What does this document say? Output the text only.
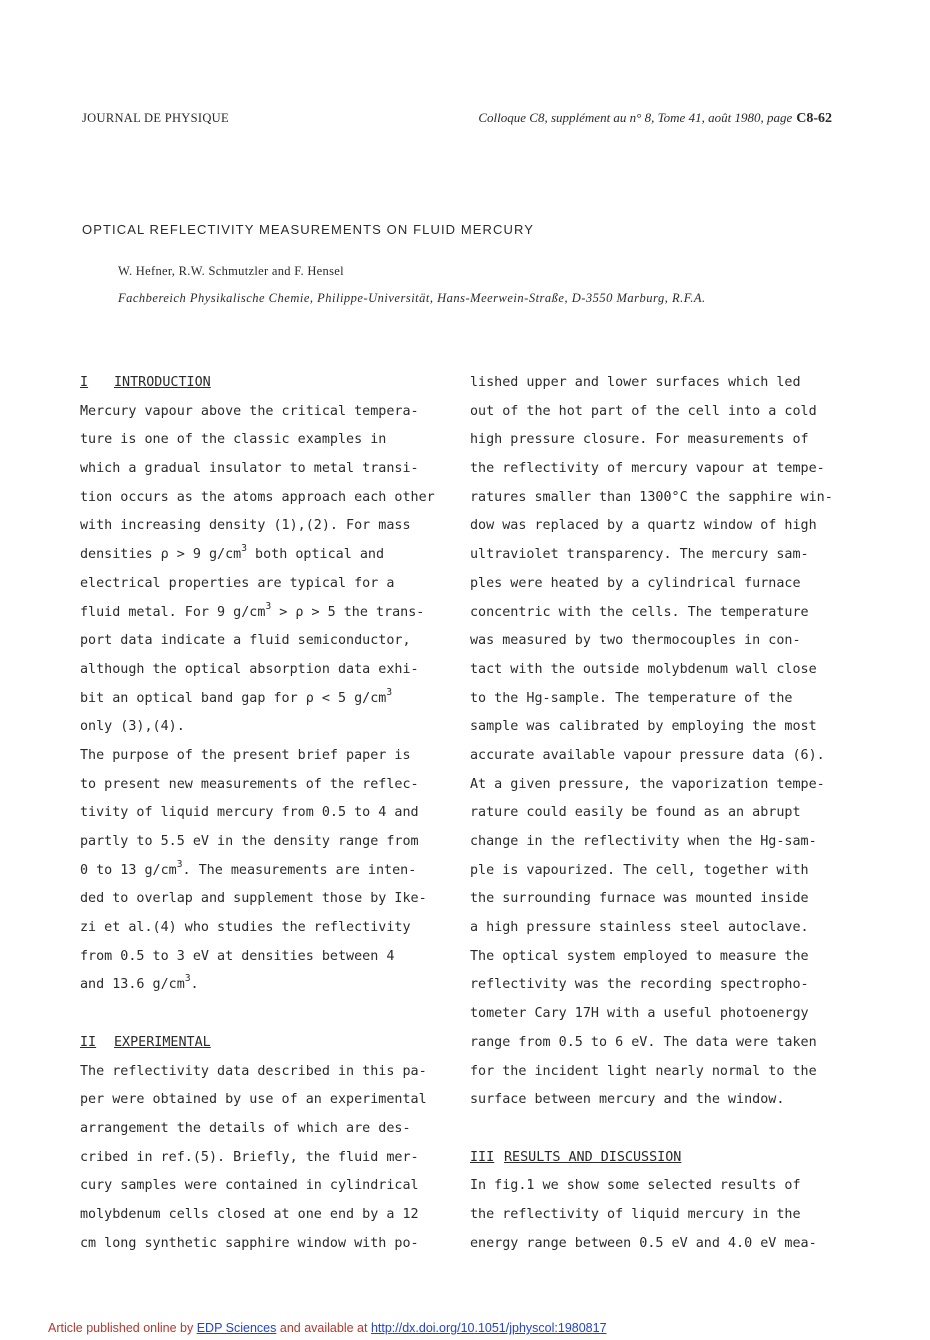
JOURNAL DE PHYSIQUE	Colloque C8, supplément au n° 8, Tome 41, août 1980, page C8-62
OPTICAL REFLECTIVITY MEASUREMENTS ON FLUID MERCURY
W. Hefner, R.W. Schmutzler and F. Hensel
Fachbereich Physikalische Chemie, Philippe-Universität, Hans-Meerwein-Straße, D-3550 Marburg, R.F.A.
I INTRODUCTION
Mercury vapour above the critical tempera-
ture is one of the classic examples in
which a gradual insulator to metal transi-
tion occurs as the atoms approach each other
with increasing density (1),(2). For mass
densities ρ > 9 $g/cm^3$ both optical and
electrical properties are typical for a
fluid metal. For 9 $g/cm^3 > \rho > 5$ the trans-
port data indicate a fluid semiconductor,
although the optical absorption data exhi-
bit an optical band gap for ρ < 5 $g/cm^3$
only (3),(4).
The purpose of the present brief paper is
to present new measurements of the reflec-
tivity of liquid mercury from 0.5 to 4 and
partly to 5.5 eV in the density range from
0 to 13 $g/cm^3$. The measurements are inten-
ded to overlap and supplement those by Ike-
zi et al.(4) who studies the reflectivity
from 0.5 to 3 eV at densities between 4
and 13.6 $g/cm^3$.
II EXPERIMENTAL
The reflectivity data described in this pa-
per were obtained by use of an experimental
arrangement the details of which are des-
cribed in ref.(5). Briefly, the fluid mer-
cury samples were contained in cylindrical
molybdenum cells closed at one end by a 12
cm long synthetic sapphire window with po-
lished upper and lower surfaces which led
out of the hot part of the cell into a cold
high pressure closure. For measurements of
the reflectivity of mercury vapour at tempe-
ratures smaller than 1300°C the sapphire win-
dow was replaced by a quartz window of high
ultraviolet transparency. The mercury sam-
ples were heated by a cylindrical furnace
concentric with the cells. The temperature
was measured by two thermocouples in con-
tact with the outside molybdenum wall close
to the Hg-sample. The temperature of the
sample was calibrated by employing the most
accurate available vapour pressure data (6).
At a given pressure, the vaporization tempe-
rature could easily be found as an abrupt
change in the reflectivity when the Hg-sam-
ple is vapourized. The cell, together with
the surrounding furnace was mounted inside
a high pressure stainless steel autoclave.
The optical system employed to measure the
reflectivity was the recording spectropho-
tometer Cary 17H with a useful photoenergy
range from 0.5 to 6 eV. The data were taken
for the incident light nearly normal to the
surface between mercury and the window.
III RESULTS AND DISCUSSION
In fig.1 we show some selected results of
the reflectivity of liquid mercury in the
energy range between 0.5 eV and 4.0 eV mea-
Article published online by EDP Sciences and available at http://dx.doi.org/10.1051/jphyscol:1980817
